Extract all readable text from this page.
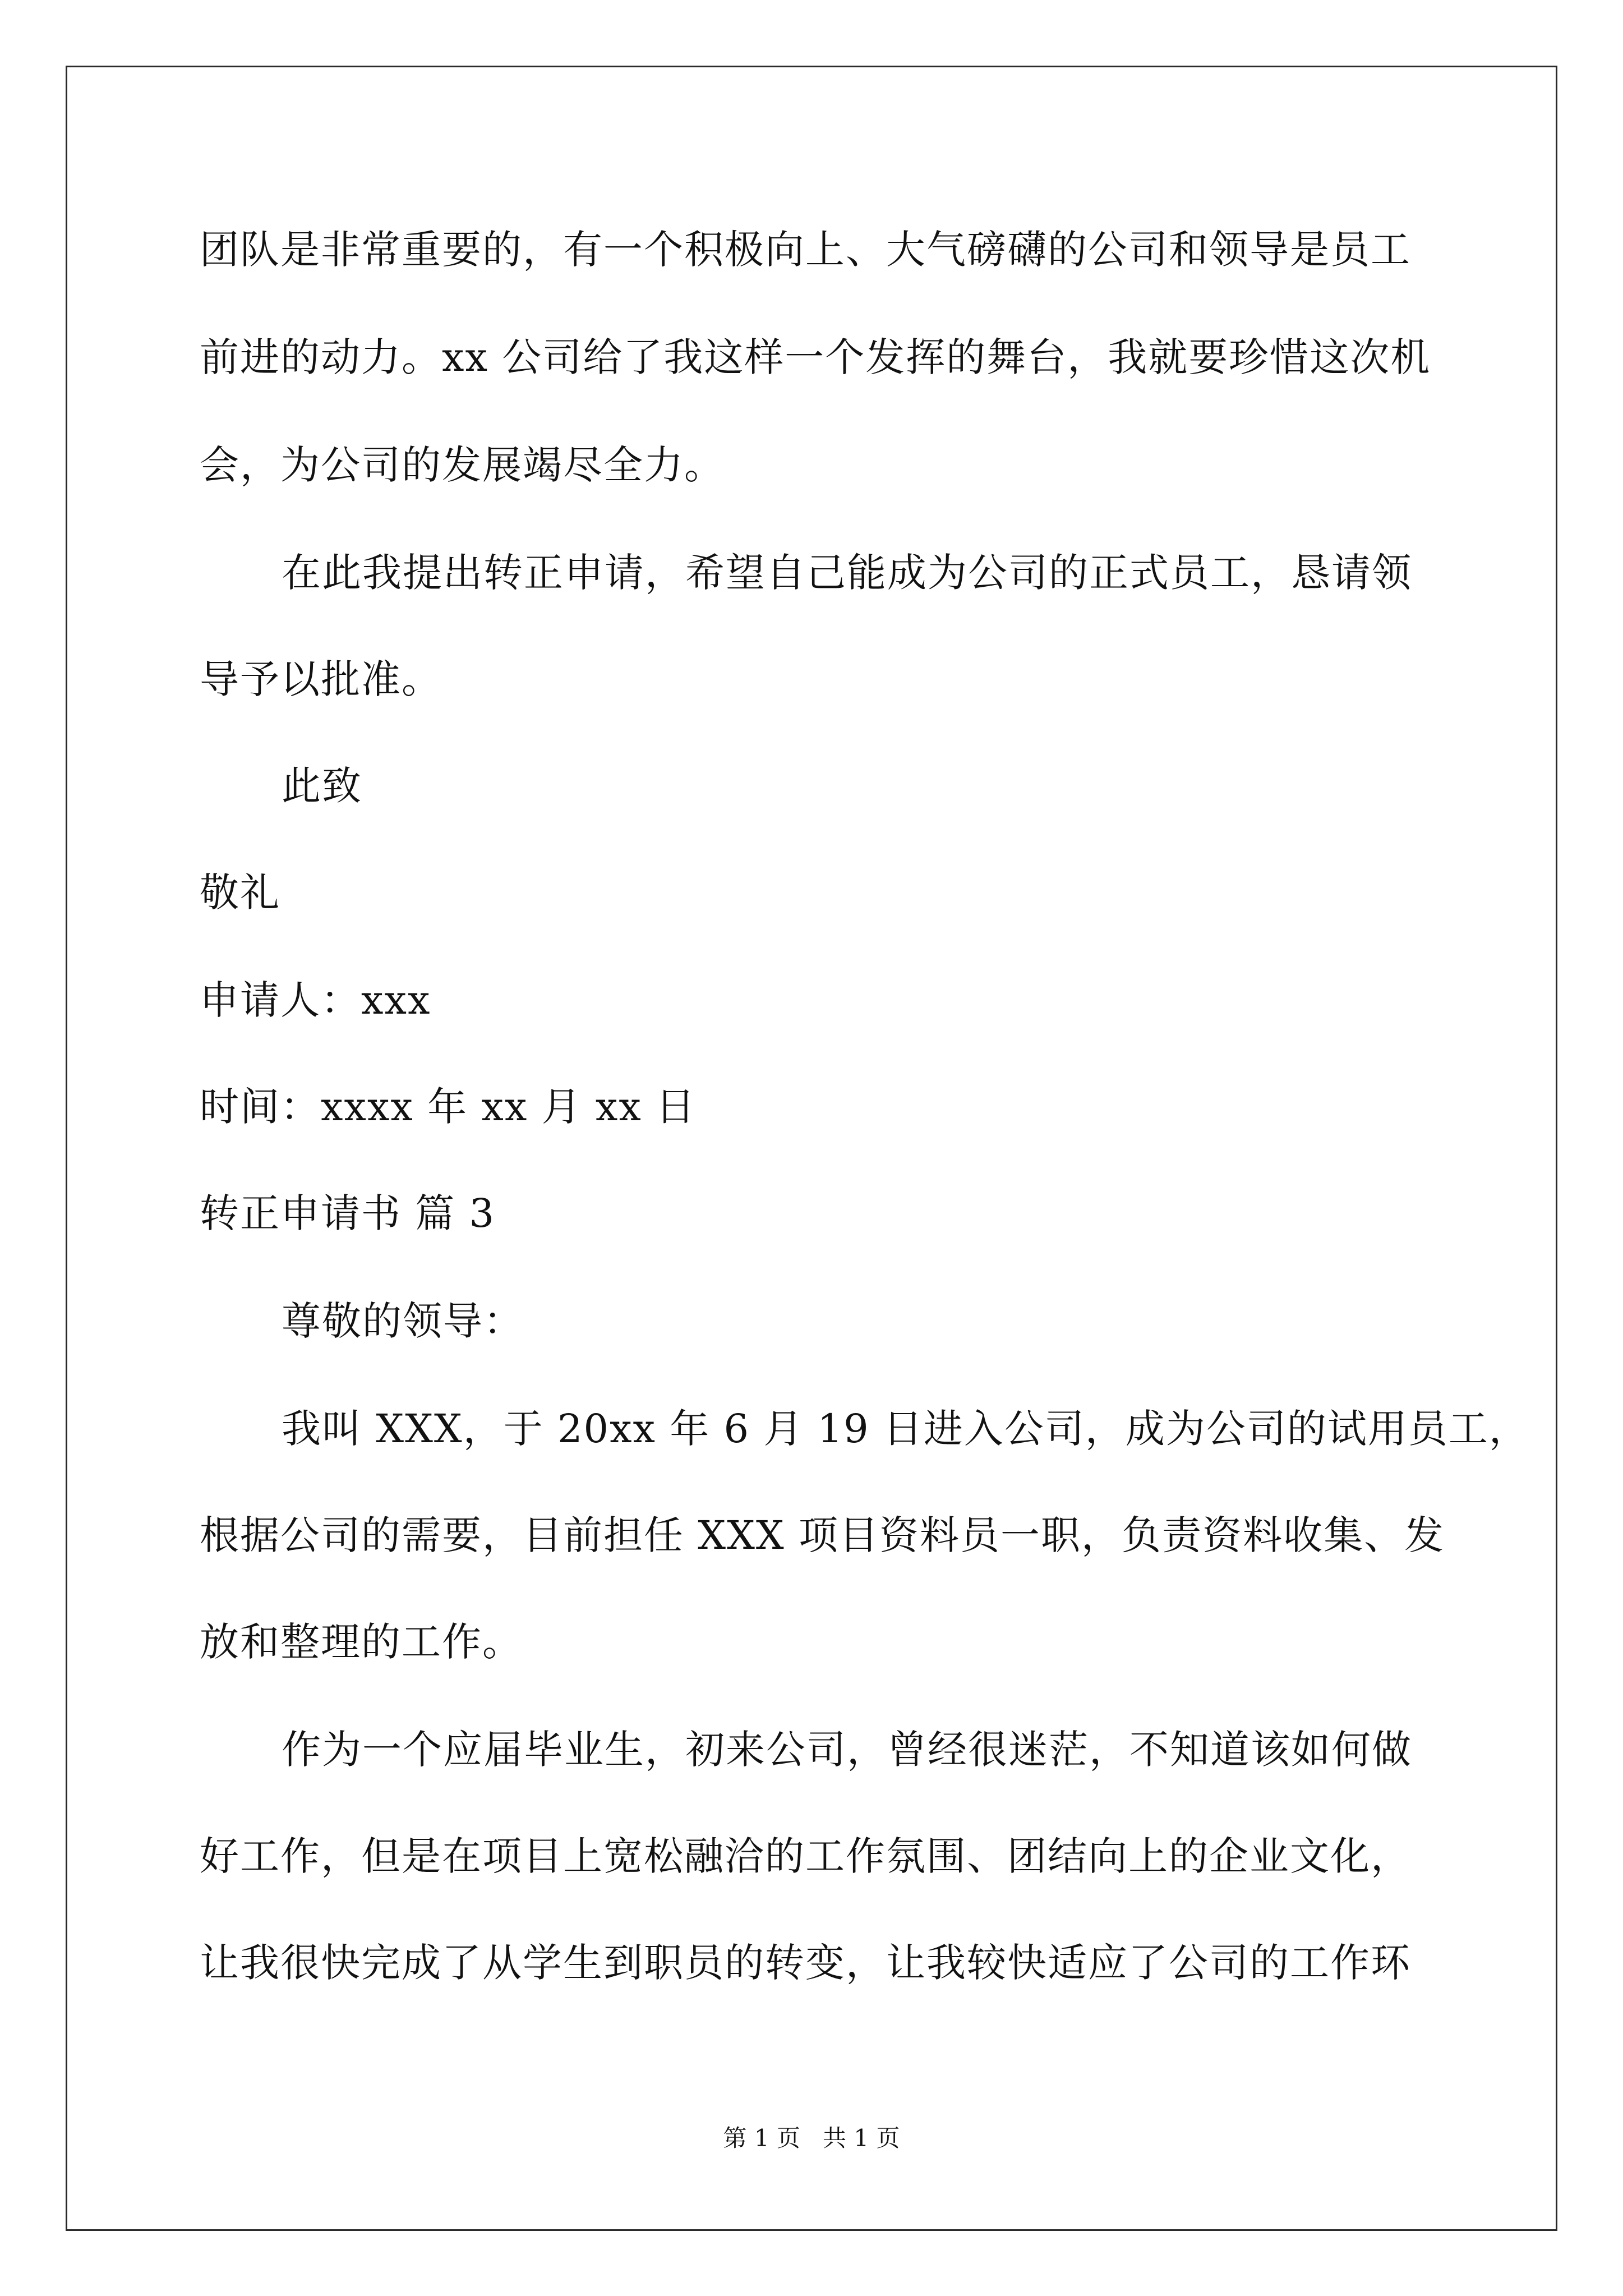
团队是非常重要的，有一个积极向上、大气磅礴的公司和领导是员工
前进的动力。xx 公司给了我这样一个发挥的舞台，我就要珍惜这次机
会，为公司的发展竭尽全力。
在此我提出转正申请，希望自己能成为公司的正式员工，恳请领
导予以批准。
此致
敬礼
申请人：xxx
时间：xxxx 年 xx 月 xx 日
转正申请书 篇 3
尊敬的领导：
我叫 XXX，于 20xx 年 6 月 19 日进入公司，成为公司的试用员工，
根据公司的需要，目前担任 XXX 项目资料员一职，负责资料收集、发
放和整理的工作。
作为一个应届毕业生，初来公司，曾经很迷茫，不知道该如何做
好工作，但是在项目上宽松融洽的工作氛围、团结向上的企业文化，
让我很快完成了从学生到职员的转变，让我较快适应了公司的工作环
第 1 页   共 1 页
